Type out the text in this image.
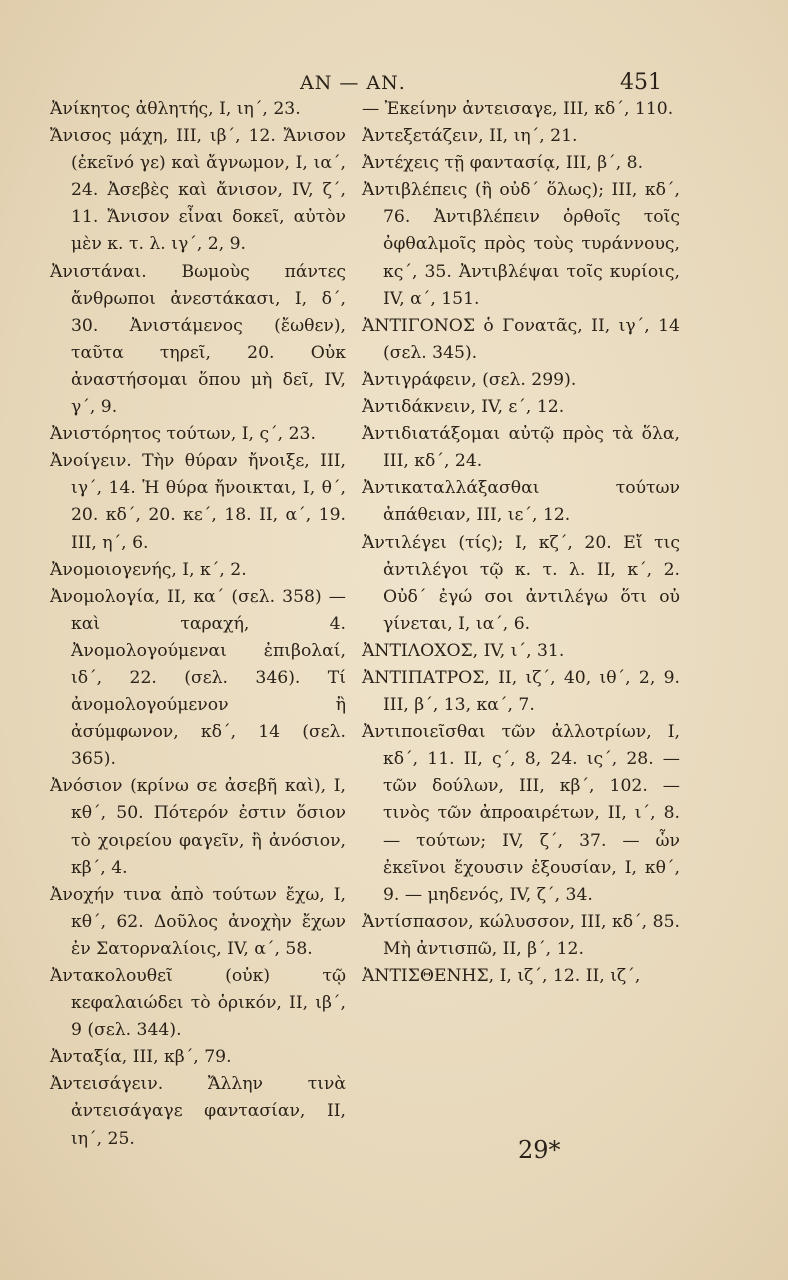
ΑΝ — ΑΝ.	451

Ἀνίκητος ἀθλητής, I, ιη΄, 23.

Ἄνισος μάχη, III, ιβ΄, 12. Ἄνισον (ἐκεῖνό γε) καὶ ἄγνωμον, I, ια΄, 24. Ἀσεβὲς καὶ ἄνισον, IV, ζ΄, 11. Ἄνισον εἶναι δοκεῖ, αὐτὸν μὲν κ. τ. λ. ιγ΄, 2, 9.

Ἀνιστάναι. Βωμοὺς πάντες ἄνθρωποι ἀνεστάκασι, I, δ΄, 30. Ἀνιστάμενος (ἔωθεν), ταῦτα τηρεῖ, 20. Οὐκ ἀναστήσομαι ὅπου μὴ δεῖ, IV, γ΄, 9.

Ἀνιστόρητος τούτων, I, ς΄, 23.

Ἀνοίγειν. Τὴν θύραν ἤνοιξε, III, ιγ΄, 14. Ἡ θύρα ἤνοικται, I, θ΄, 20. κδ΄, 20. κε΄, 18. II, α΄, 19. III, η΄, 6.

Ἀνομοιογενής, I, κ΄, 2.

Ἀνομολογία, II, κα΄ (σελ. 358) —καὶ ταραχή, 4. Ἀνομολογούμεναι ἐπιβολαί, ιδ΄, 22. (σελ. 346). Τί ἀνομολογούμενον ἢ ἀσύμφωνον, κδ΄, 14 (σελ. 365).

Ἀνόσιον (κρίνω σε ἀσεβῆ καὶ), I, κθ΄, 50. Πότερόν ἐστιν ὅσιον τὸ χοιρείου φαγεῖν, ἢ ἀνόσιον, κβ΄, 4.

Ἀνοχήν τινα ἀπὸ τούτων ἔχω, I, κθ΄, 62. Δοῦλος ἀνοχὴν ἔχων ἐν Σατορναλίοις, IV, α΄, 58.

Ἀντακολουθεῖ (οὐκ) τῷ κεφαλαιώδει τὸ ὁρικόν, II, ιβ΄, 9 (σελ. 344).

Ἀνταξία, III, κβ΄, 79.

Ἀντεισάγειν. Ἄλλην τινὰ ἀντεισάγαγε φαντασίαν, II, ιη΄, 25.

— Ἐκείνην ἀντεισαγε, III, κδ΄, 110.

Ἀντεξετάζειν, II, ιη΄, 21.

Ἀντέχεις τῇ φαντασίᾳ, III, β΄, 8.

Ἀντιβλέπεις (ἢ οὐδ΄ ὅλως); III, κδ΄, 76. Ἀντιβλέπειν ὀρθοῖς τοῖς ὀφθαλμοῖς πρὸς τοὺς τυράννους, κς΄, 35. Ἀντιβλέψαι τοῖς κυρίοις, IV, α΄, 151.

ἈΝΤΙΓΟΝΟΣ ὁ Γονατᾶς, II, ιγ΄, 14 (σελ. 345).

Ἀντιγράφειν, (σελ. 299).

Ἀντιδάκνειν, IV, ε΄, 12.

Ἀντιδιατάξομαι αὐτῷ πρὸς τὰ ὅλα, III, κδ΄, 24.

Ἀντικαταλλάξασθαι τούτων ἀπάθειαν, III, ιε΄, 12.

Ἀντιλέγει (τίς); I, κζ΄, 20. Εἴ τις ἀντιλέγοι τῷ κ. τ. λ. II, κ΄, 2. Οὐδ΄ ἐγώ σοι ἀντιλέγω ὅτι οὐ γίνεται, I, ια΄, 6.

ἈΝΤΙΛΟΧΟΣ, IV, ι΄, 31.

ἈΝΤΙΠΑΤΡΟΣ, II, ιζ΄, 40, ιθ΄, 2, 9. III, β΄, 13, κα΄, 7.

Ἀντιποιεῖσθαι τῶν ἀλλοτρίων, I, κδ΄, 11. II, ς΄, 8, 24. ις΄, 28. — τῶν δούλων, III, κβ΄, 102. — τινὸς τῶν ἀπροαιρέτων, II, ι΄, 8. — τούτων; IV, ζ΄, 37. — ὧν ἐκεῖνοι ἔχουσιν ἐξουσίαν, I, κθ΄, 9. — μηδενός, IV, ζ΄, 34.

Ἀντίσπασον, κώλυσσον, III, κδ΄, 85. Μὴ ἀντισπῶ, II, β΄, 12.

ἈΝΤΙΣΘΕΝΗΣ, I, ιζ΄, 12. II, ιζ΄,

29*
